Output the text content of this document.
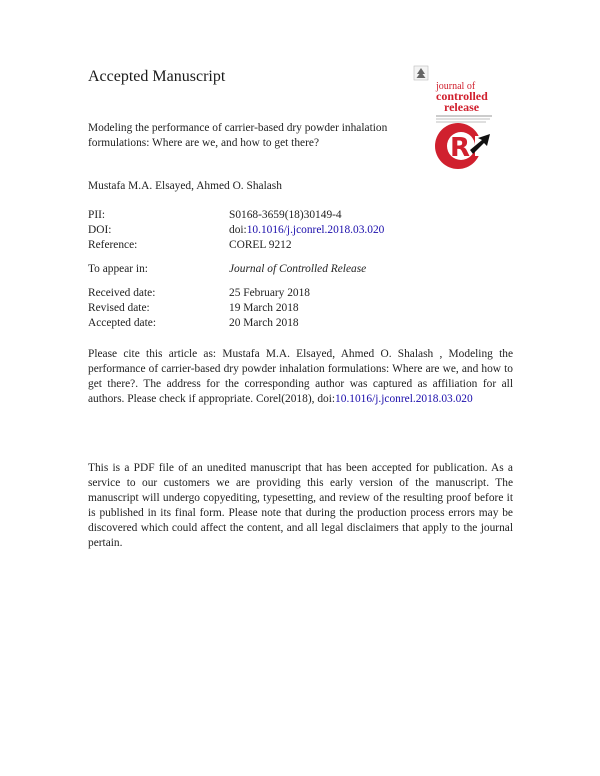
Accepted Manuscript
journal of
controlled
release
R
Modeling the performance of carrier-based dry powder inhalation formulations: Where are we, and how to get there?
Mustafa M.A. Elsayed, Ahmed O. Shalash
PII:	S0168-3659(18)30149-4
DOI:	doi:10.1016/j.jconrel.2018.03.020
Reference:	COREL 9212
To appear in:	Journal of Controlled Release
Received date:	25 February 2018
Revised date:	19 March 2018
Accepted date:	20 March 2018
Please cite this article as: Mustafa M.A. Elsayed, Ahmed O. Shalash , Modeling the performance of carrier-based dry powder inhalation formulations: Where are we, and how to get there?. The address for the corresponding author was captured as affiliation for all authors. Please check if appropriate. Corel(2018), doi:10.1016/j.jconrel.2018.03.020
This is a PDF file of an unedited manuscript that has been accepted for publication. As a service to our customers we are providing this early version of the manuscript. The manuscript will undergo copyediting, typesetting, and review of the resulting proof before it is published in its final form. Please note that during the production process errors may be discovered which could affect the content, and all legal disclaimers that apply to the journal pertain.
